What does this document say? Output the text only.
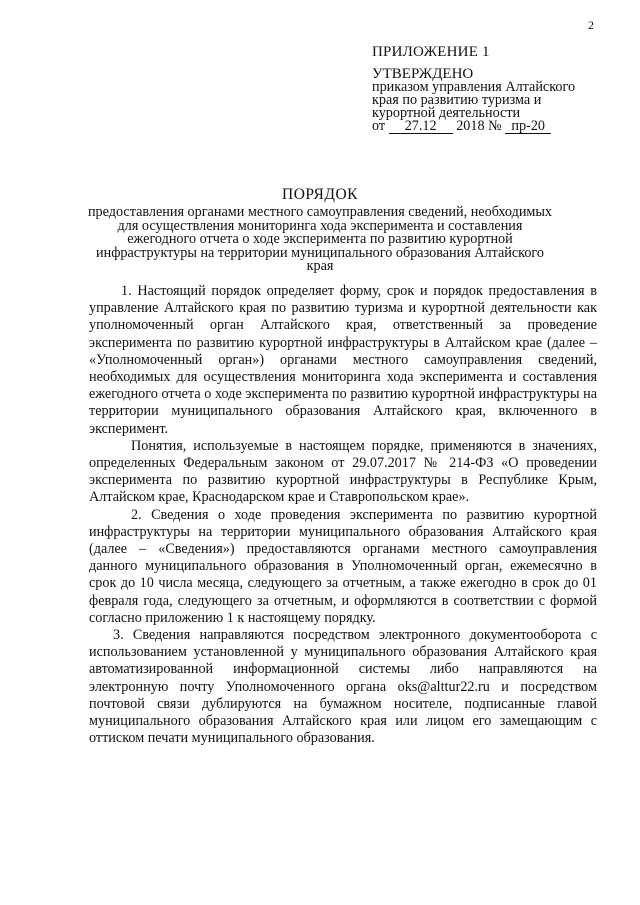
2
ПРИЛОЖЕНИЕ 1
УТВЕРЖДЕНО
приказом управления Алтайского
края по развитию туризма и
курортной деятельности
от 27.12 2018 № пр-20
ПОРЯДОК
предоставления органами местного самоуправления сведений, необходимых
для осуществления мониторинга хода эксперимента и составления
ежегодного отчета о ходе эксперимента по развитию курортной
инфраструктуры на территории муниципального образования Алтайского
края

1. Настоящий порядок определяет форму, срок и порядок предоставления в управление Алтайского края по развитию туризма и курортной деятельности как уполномоченный орган Алтайского края, ответственный за проведение эксперимента по развитию курортной инфраструктуры в Алтайском крае (далее – «Уполномоченный орган») органами местного самоуправления сведений, необходимых для осуществления мониторинга хода эксперимента и составления ежегодного отчета о ходе эксперимента по развитию курортной инфраструктуры на территории муниципального образования Алтайского края, включенного в эксперимент.

Понятия, используемые в настоящем порядке, применяются в значениях, определенных Федеральным законом от 29.07.2017 № 214-ФЗ «О проведении эксперимента по развитию курортной инфраструктуры в Республике Крым, Алтайском крае, Краснодарском крае и Ставропольском крае».

2. Сведения о ходе проведения эксперимента по развитию курортной инфраструктуры на территории муниципального образования Алтайского края (далее – «Сведения») предоставляются органами местного самоуправления данного муниципального образования в Уполномоченный орган, ежемесячно в срок до 10 числа месяца, следующего за отчетным, а также ежегодно в срок до 01 февраля года, следующего за отчетным, и оформляются в соответствии с формой согласно приложению 1 к настоящему порядку.

3. Сведения направляются посредством электронного документооборота с использованием установленной у муниципального образования Алтайского края автоматизированной информационной системы либо направляются на электронную почту Уполномоченного органа oks@alttur22.ru и посредством почтовой связи дублируются на бумажном носителе, подписанные главой муниципального образования Алтайского края или лицом его замещающим с оттиском печати муниципального образования.
